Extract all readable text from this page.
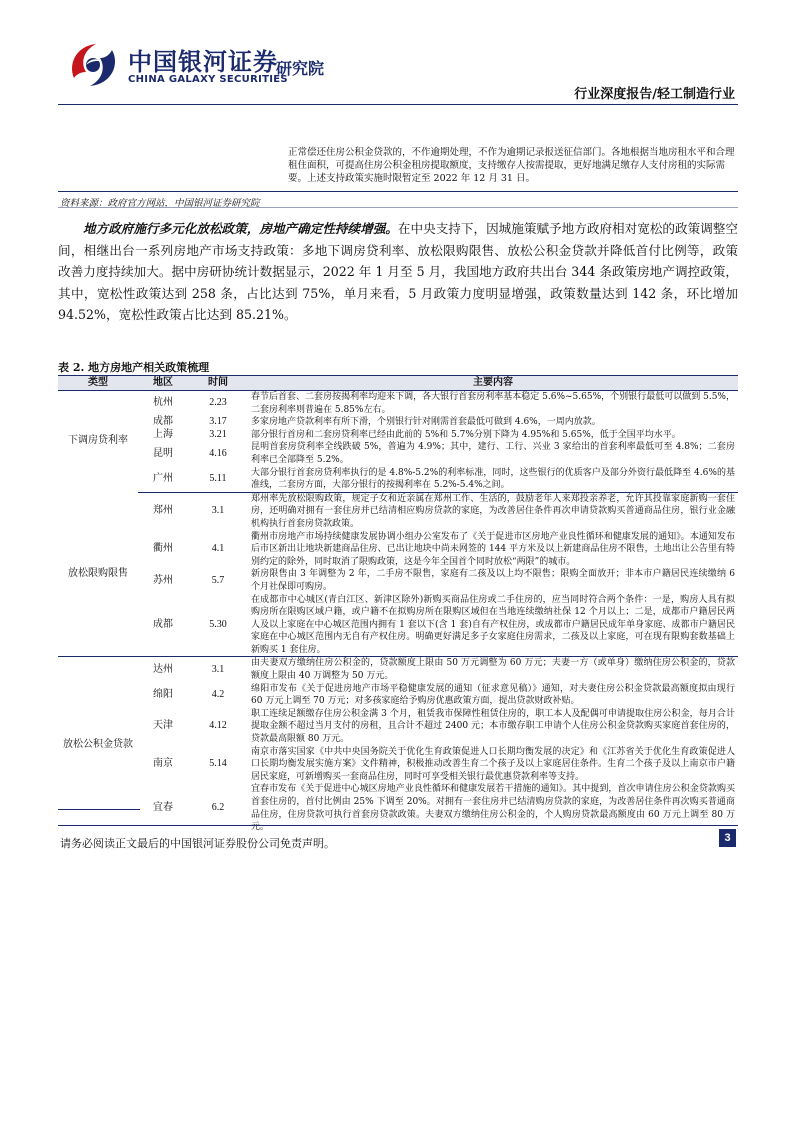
中国银河证券
CHINA GALAXY SECURITIES
研究院
行业深度报告/轻工制造行业
正常偿还住房公积金贷款的，不作逾期处理，不作为逾期记录报送征信部门。各地根据当地房租水平和合理租住面积，可提高住房公积金租房提取额度，支持缴存人按需提取，更好地满足缴存人支付房租的实际需要。上述支持政策实施时限暂定至 2022 年 12 月 31 日。
资料来源：政府官方网站，中国银河证券研究院
地方政府施行多元化放松政策，房地产确定性持续增强。在中央支持下，因城施策赋予地方政府相对宽松的政策调整空间，相继出台一系列房地产市场支持政策：多地下调房贷利率、放松限购限售、放松公积金贷款并降低首付比例等，政策改善力度持续加大。据中房研协统计数据显示，2022 年 1 月至 5 月，我国地方政府共出台 344 条政策房地产调控政策，其中，宽松性政策达到 258 条，占比达到 75%，单月来看，5 月政策力度明显增强，政策数量达到 142 条，环比增加 94.52%，宽松性政策占比达到 85.21%。
表 2. 地方房地产相关政策梳理
类型	地区	时间	主要内容
下调房贷利率	杭州	2.23	春节后首套、二套房按揭利率均迎来下调，各大银行首套房利率基本稳定 5.6%~5.65%，个别银行最低可以做到 5.5%，二套房利率则普遍在 5.85%左右。
	成都	3.17	多家房地产贷款利率有所下滑，个别银行针对刚需首套最低可做到 4.6%，一周内放款。
	上海	3.21	部分银行首房和二套房贷利率已经由此前的 5%和 5.7%分别下降为 4.95%和 5.65%，低于全国平均水平。
	昆明	4.16	昆明首套房贷利率全线跌破 5%，普遍为 4.9%；其中，建行、工行、兴业 3 家给出的首套利率最低可至 4.8%；二套房利率已全部降至 5.2%。
	广州	5.11	大部分银行首套房贷利率执行的是 4.8%-5.2%的利率标准，同时，这些银行的优质客户及部分外资行最低降至 4.6%的基准线，二套房方面，大部分银行的按揭利率在 5.2%-5.4%之间。
放松限购限售	郑州	3.1	郑州率先放松限购政策，规定子女和近亲属在郑州工作、生活的，鼓励老年人来郑投亲养老，允许其投靠家庭新购一套住房，还明确对拥有一套住房并已结清相应购房贷款的家庭，为改善居住条件再次申请贷款购买普通商品住房，银行业金融机构执行首套房贷款政策。
	衢州	4.1	衢州市房地产市场持续健康发展协调小组办公室发布了《关于促进市区房地产业良性循环和健康发展的通知》。本通知发布后市区新出让地块新建商品住房、已出让地块中尚未网签的 144 平方米及以上新建商品住房不限售，土地出让公告里有特别约定的除外，同时取消了限购政策，这是今年全国首个同时放松“两限”的城市。
	苏州	5.7	新房限售由 3 年调整为 2 年，二手房不限售，家庭有二孩及以上均不限售；限购全面放开；非本市户籍居民连续缴纳 6 个月社保即可购房。
	成都	5.30	在成都市中心城区(青白江区、新津区除外)新购买商品住房或二手住房的，应当同时符合两个条件：一是，购房人具有拟购房所在限购区域户籍，或户籍不在拟购房所在限购区域但在当地连续缴纳社保 12 个月以上；二是，成都市户籍居民两人及以上家庭在中心城区范围内拥有 1 套以下(含 1 套)自有产权住房，或成都市户籍居民成年单身家庭、成都市户籍居民家庭在中心城区范围内无自有产权住房。明确更好满足多子女家庭住房需求，二孩及以上家庭，可在现有限购套数基础上新购买 1 套住房。
放松公积金贷款	达州	3.1	由夫妻双方缴纳住房公积金的，贷款额度上限由 50 万元调整为 60 万元；夫妻一方（或单身）缴纳住房公积金的，贷款额度上限由 40 万调整为 50 万元。
	绵阳	4.2	绵阳市发布《关于促进房地产市场平稳健康发展的通知（征求意见稿）》通知，对夫妻住房公积金贷款最高额度拟由现行 60 万元上调至 70 万元；对多孩家庭给予购房优惠政策方面，提出贷款财政补贴。
	天津	4.12	职工连续足额缴存住房公积金满 3 个月，租赁我市保障性租赁住房的，职工本人及配偶可申请提取住房公积金，每月合计提取金额不超过当月支付的房租，且合计不超过 2400 元；本市缴存职工申请个人住房公积金贷款购买家庭首套住房的，贷款最高限额 80 万元。
	南京	5.14	南京市落实国家《中共中央国务院关于优化生育政策促进人口长期均衡发展的决定》和《江苏省关于优化生育政策促进人口长期均衡发展实施方案》文件精神，积极推动改善生育二个孩子及以上家庭居住条件。生育二个孩子及以上南京市户籍居民家庭，可新增购买一套商品住房，同时可享受相关银行最优惠贷款利率等支持。
	宜春	6.2	宜春市发布《关于促进中心城区房地产业良性循环和健康发展若干措施的通知》。其中提到，首次申请住房公积金贷款购买首套住房的，首付比例由 25% 下调至 20%。对拥有一套住房并已结清购房贷款的家庭，为改善居住条件再次购买普通商品住房，住房贷款可执行首套房贷款政策。夫妻双方缴纳住房公积金的，个人购房贷款最高额度由 60 万元上调至 80 万元。
请务必阅读正文最后的中国银河证券股份公司免责声明。	3
